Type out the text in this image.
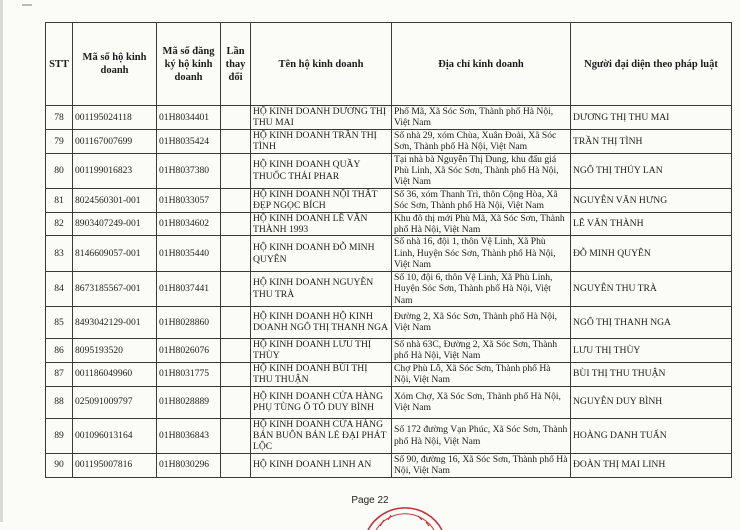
STT	Mã số hộ kinh doanh	Mã số đăng ký hộ kinh doanh	Lần thay đổi	Tên hộ kinh doanh	Địa chỉ kinh doanh	Người đại diện theo pháp luật
78	001195024118	01H8034401		HỘ KINH DOANH DƯƠNG THỊ THU MAI	Phố Mã, Xã Sóc Sơn, Thành phố Hà Nội, Việt Nam	DƯƠNG THỊ THU MAI
79	001167007699	01H8035424		HỘ KINH DOANH TRẦN THỊ TÌNH	Số nhà 29, xóm Chùa, Xuân Đoài, Xã Sóc Sơn, Thành phố Hà Nội, Việt Nam	TRẦN THỊ TÌNH
80	001199016823	01H8037380		HỘ KINH DOANH QUẦY THUỐC THÁI PHAR	Tại nhà bà Nguyễn Thị Dung, khu đấu giá Phù Linh, Xã Sóc Sơn, Thành phố Hà Nội, Việt Nam	NGÔ THỊ THÚY LAN
81	8024560301-001	01H8033057		HỘ KINH DOANH NỘI THẤT ĐẸP NGỌC BÍCH	Số 36, xóm Thanh Trì, thôn Cộng Hòa, Xã Sóc Sơn, Thành phố Hà Nội, Việt Nam	NGUYỄN VĂN HƯNG
82	8903407249-001	01H8034602		HỘ KINH DOANH LÊ VĂN THÀNH 1993	Khu đô thị mới Phù Mã, Xã Sóc Sơn, Thành phố Hà Nội, Việt Nam	LÊ VĂN THÀNH
83	8146609057-001	01H8035440		HỘ KINH DOANH ĐỖ MINH QUYÊN	Số nhà 16, đội 1, thôn Vệ Linh, Xã Phù Linh, Huyện Sóc Sơn, Thành phố Hà Nội, Việt Nam	ĐỖ MINH QUYÊN
84	8673185567-001	01H8037441		HỘ KINH DOANH NGUYỄN THU TRÀ	Số 10, đội 6, thôn Vệ Linh, Xã Phù Linh, Huyện Sóc Sơn, Thành phố Hà Nội, Việt Nam	NGUYỄN THU TRÀ
85	8493042129-001	01H8028860		HỘ KINH DOANH HỘ KINH DOANH NGÔ THỊ THANH NGA	Đường 2, Xã Sóc Sơn, Thành phố Hà Nội, Việt Nam	NGÔ THỊ THANH NGA
86	8095193520	01H8026076		HỘ KINH DOANH LƯU THỊ THÙY	Số nhà 63C, Đường 2, Xã Sóc Sơn, Thành phố Hà Nội, Việt Nam	LƯU THỊ THÙY
87	001186049960	01H8031775		HỘ KINH DOANH BÙI THỊ THU THUẬN	Chợ Phù Lỗ, Xã Sóc Sơn, Thành phố Hà Nội, Việt Nam	BÙI THỊ THU THUẬN
88	025091009797	01H8028889		HỘ KINH DOANH CỬA HÀNG PHỤ TÙNG Ô TÔ DUY BÌNH	Xóm Chợ, Xã Sóc Sơn, Thành phố Hà Nội, Việt Nam	NGUYỄN DUY BÌNH
89	001096013164	01H8036843		HỘ KINH DOANH CỬA HÀNG BÁN BUÔN BÁN LẺ ĐẠI PHÁT LỘC	Số 172 đường Vạn Phúc, Xã Sóc Sơn, Thành phố Hà Nội, Việt Nam	HOÀNG DANH TUẤN
90	001195007816	01H8030296		HỘ KINH DOANH LINH AN	Số 90, đường 16, Xã Sóc Sơn, Thành phố Hà Nội, Việt Nam	ĐOÀN THỊ MAI LINH
Page 22
